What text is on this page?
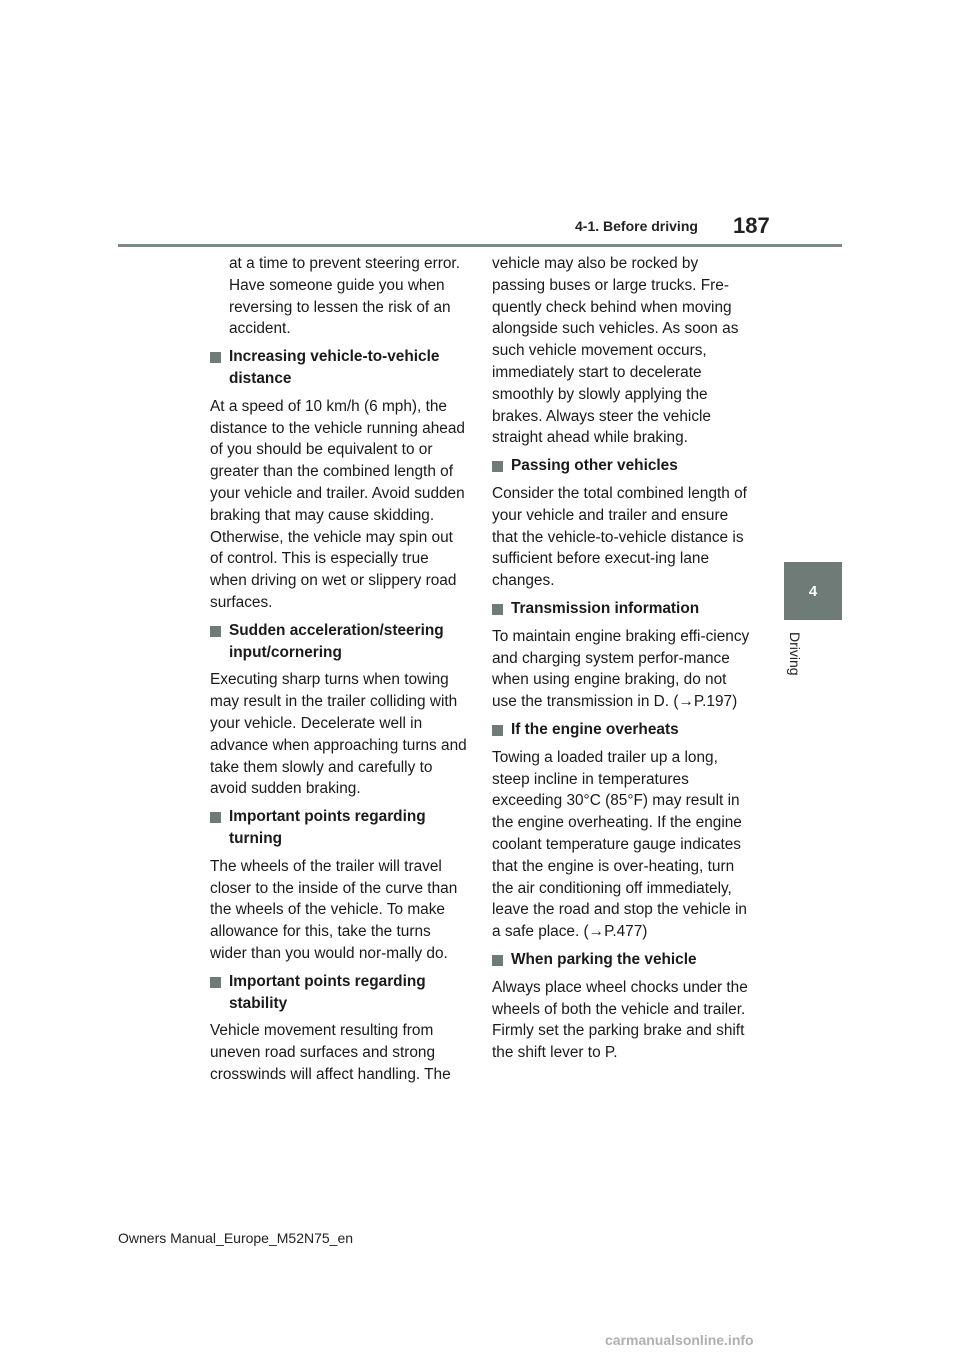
4-1. Before driving 187
4
Driving

at a time to prevent steering error. Have someone guide you when reversing to lessen the risk of an accident.

Increasing vehicle-to-vehicle distance

At a speed of 10 km/h (6 mph), the distance to the vehicle running ahead of you should be equivalent to or greater than the combined length of your vehicle and trailer. Avoid sudden braking that may cause skidding. Otherwise, the vehicle may spin out of control. This is especially true when driving on wet or slippery road surfaces.

Sudden acceleration/steering input/cornering

Executing sharp turns when towing may result in the trailer colliding with your vehicle. Decelerate well in advance when approaching turns and take them slowly and carefully to avoid sudden braking.

Important points regarding turning

The wheels of the trailer will travel closer to the inside of the curve than the wheels of the vehicle. To make allowance for this, take the turns wider than you would nor-mally do.

Important points regarding stability

Vehicle movement resulting from uneven road surfaces and strong crosswinds will affect handling. The

vehicle may also be rocked by passing buses or large trucks. Fre-quently check behind when moving alongside such vehicles. As soon as such vehicle movement occurs, immediately start to decelerate smoothly by slowly applying the brakes. Always steer the vehicle straight ahead while braking.

Passing other vehicles

Consider the total combined length of your vehicle and trailer and ensure that the vehicle-to-vehicle distance is sufficient before execut-ing lane changes.

Transmission information

To maintain engine braking effi-ciency and charging system perfor-mance when using engine braking, do not use the transmission in D. (→P.197)

If the engine overheats

Towing a loaded trailer up a long, steep incline in temperatures exceeding 30°C (85°F) may result in the engine overheating. If the engine coolant temperature gauge indicates that the engine is over-heating, turn the air conditioning off immediately, leave the road and stop the vehicle in a safe place. (→P.477)

When parking the vehicle

Always place wheel chocks under the wheels of both the vehicle and trailer. Firmly set the parking brake and shift the shift lever to P.

Owners Manual_Europe_M52N75_en
carmanualsonline.info
